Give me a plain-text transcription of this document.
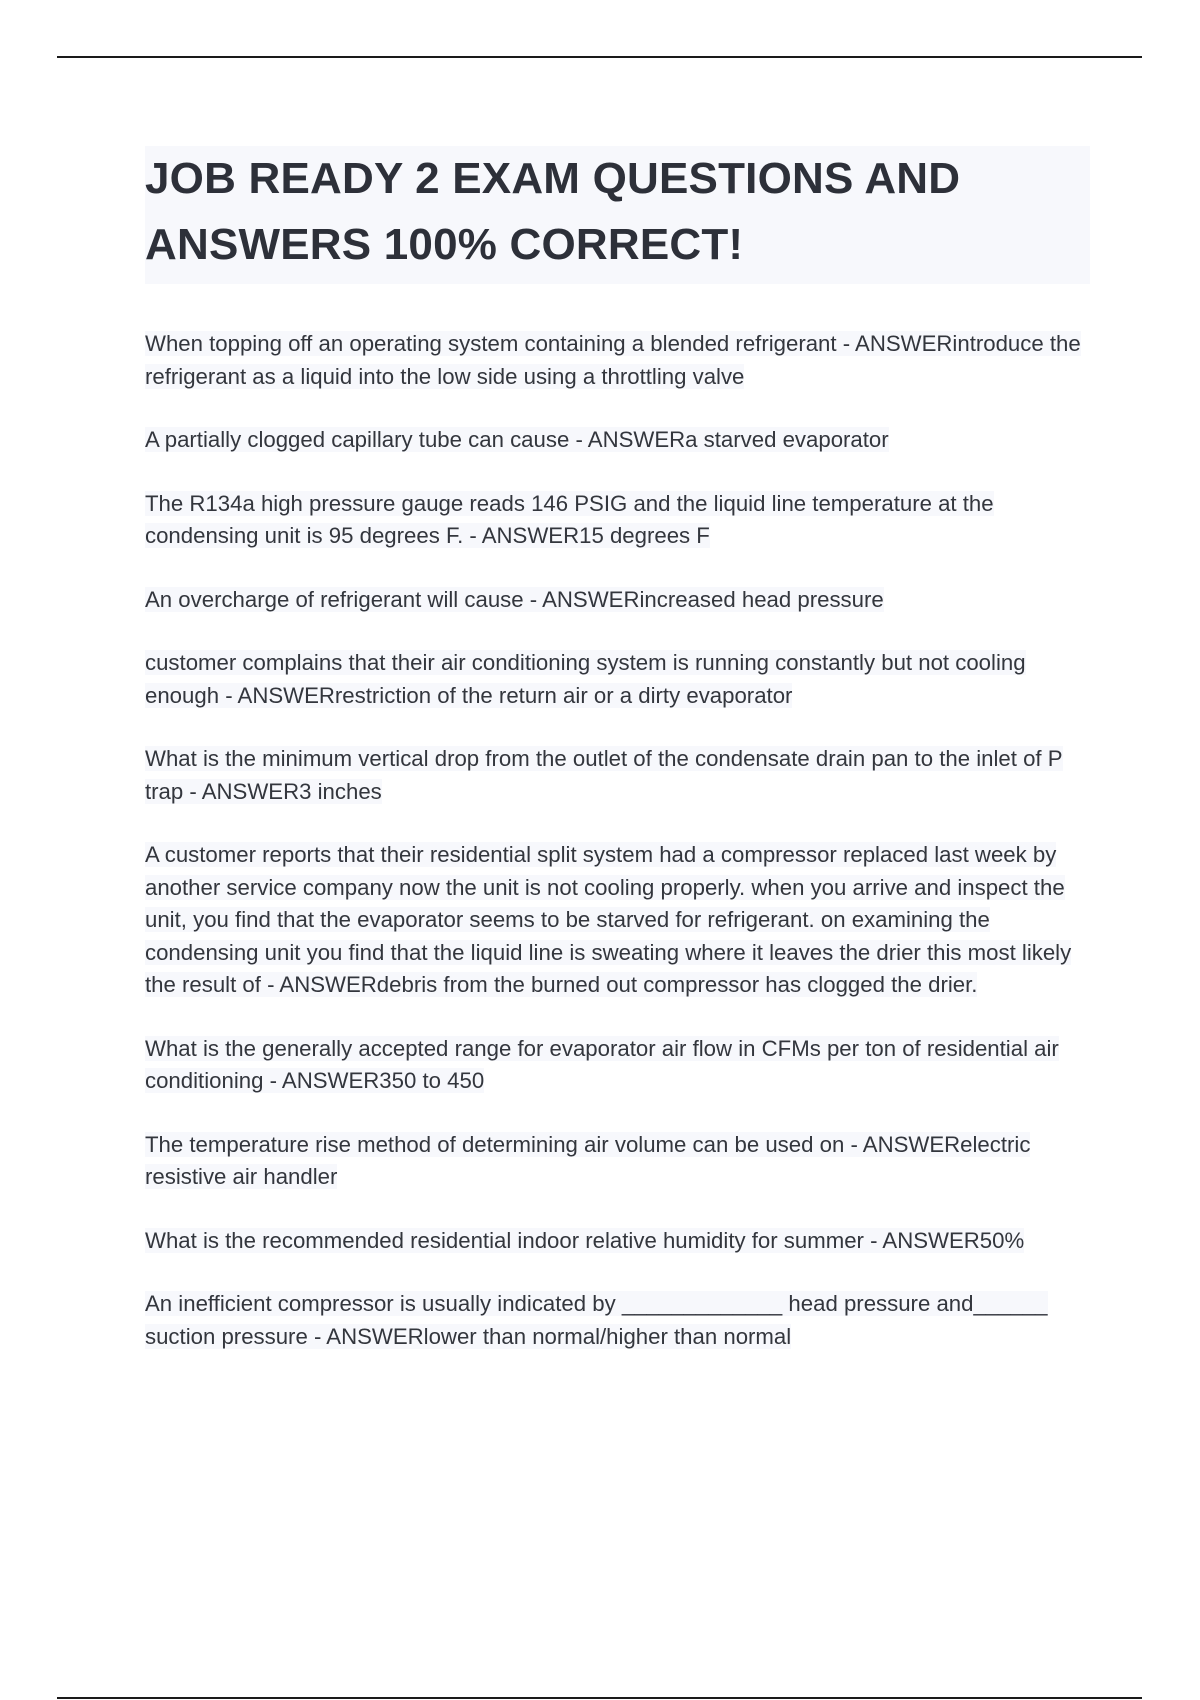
JOB READY 2 EXAM QUESTIONS AND ANSWERS 100% CORRECT!
When topping off an operating system containing a blended refrigerant - ANSWERintroduce the refrigerant as a liquid into the low side using a throttling valve
A partially clogged capillary tube can cause - ANSWERa starved evaporator
The R134a high pressure gauge reads 146 PSIG and the liquid line temperature at the condensing unit is 95 degrees F. - ANSWER15 degrees F
An overcharge of refrigerant will cause - ANSWERincreased head pressure
customer complains that their air conditioning system is running constantly but not cooling enough - ANSWERrestriction of the return air or a dirty evaporator
What is the minimum vertical drop from the outlet of the condensate drain pan to the inlet of P trap - ANSWER3 inches
A customer reports that their residential split system had a compressor replaced last week by another service company now the unit is not cooling properly. when you arrive and inspect the unit, you find that the evaporator seems to be starved for refrigerant. on examining the condensing unit you find that the liquid line is sweating where it leaves the drier this most likely the result of - ANSWERdebris from the burned out compressor has clogged the drier.
What is the generally accepted range for evaporator air flow in CFMs per ton of residential air conditioning - ANSWER350 to 450
The temperature rise method of determining air volume can be used on - ANSWERelectric resistive air handler
What is the recommended residential indoor relative humidity for summer - ANSWER50%
An inefficient compressor is usually indicated by _____________ head pressure and______ suction pressure - ANSWERlower than normal/higher than normal
